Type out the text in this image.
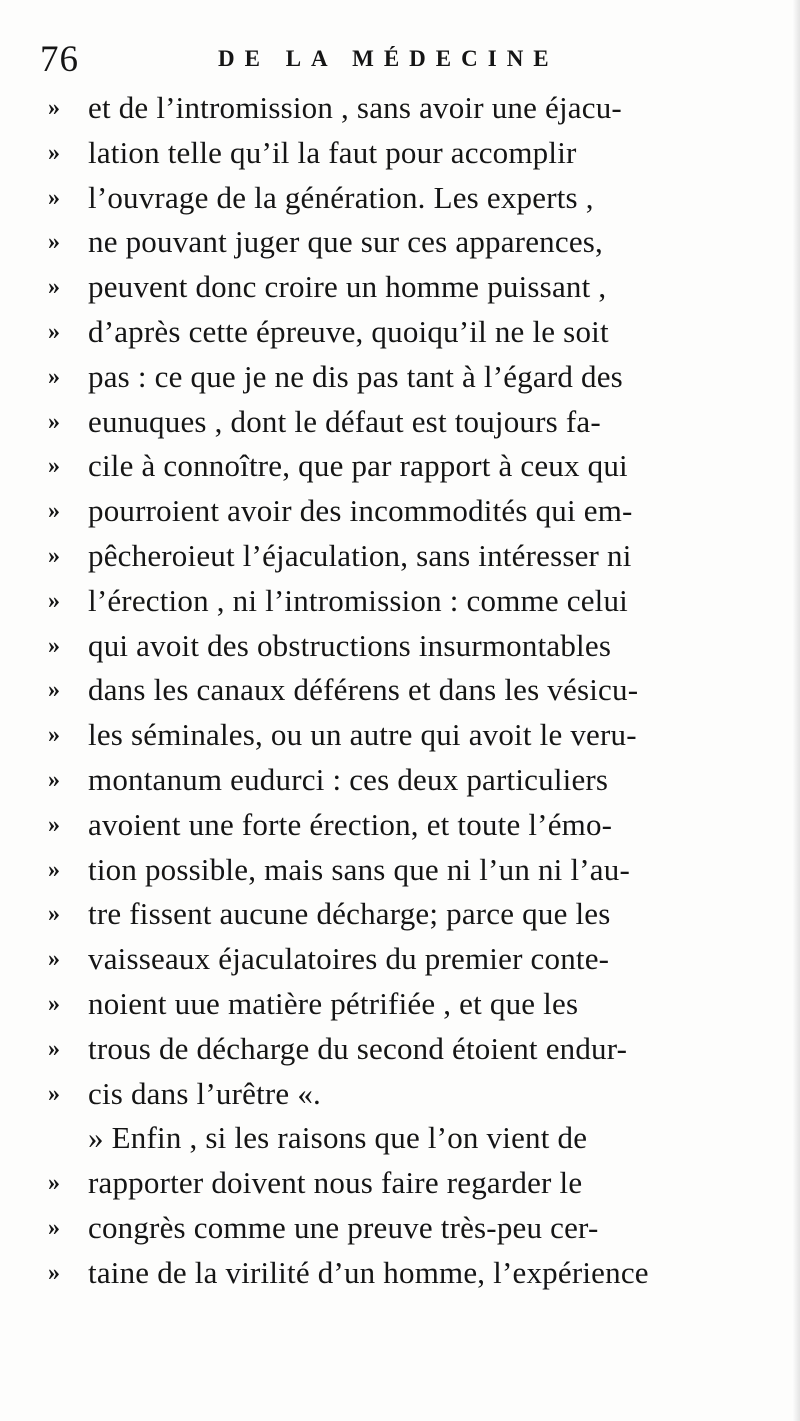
76	DE LA MÉDECINE
» et de l’intromission , sans avoir une éjacu-
» lation telle qu’il la faut pour accomplir
» l’ouvrage de la génération. Les experts ,
» ne pouvant juger que sur ces apparences,
» peuvent donc croire un homme puissant ,
» d’après cette épreuve, quoiqu’il ne le soit
» pas : ce que je ne dis pas tant à l’égard des
» eunuques , dont le défaut est toujours fa-
» cile à connoître, que par rapport à ceux qui
» pourroient avoir des incommodités qui em-
» pêcheroieut l’éjaculation, sans intéresser ni
» l’érection , ni l’intromission : comme celui
» qui avoit des obstructions insurmontables
» dans les canaux déférens et dans les vésicu-
» les séminales, ou un autre qui avoit le veru-
» montanum eudurci : ces deux particuliers
» avoient une forte érection, et toute l’émo-
» tion possible, mais sans que ni l’un ni l’au-
» tre fissent aucune décharge; parce que les
» vaisseaux éjaculatoires du premier conte-
» noient uue matière pétrifiée , et que les
» trous de décharge du second étoient endur-
» cis dans l’urêtre «.
» Enfin , si les raisons que l’on vient de
» rapporter doivent nous faire regarder le
» congrès comme une preuve très-peu cer-
» taine de la virilité d’un homme, l’expérience
